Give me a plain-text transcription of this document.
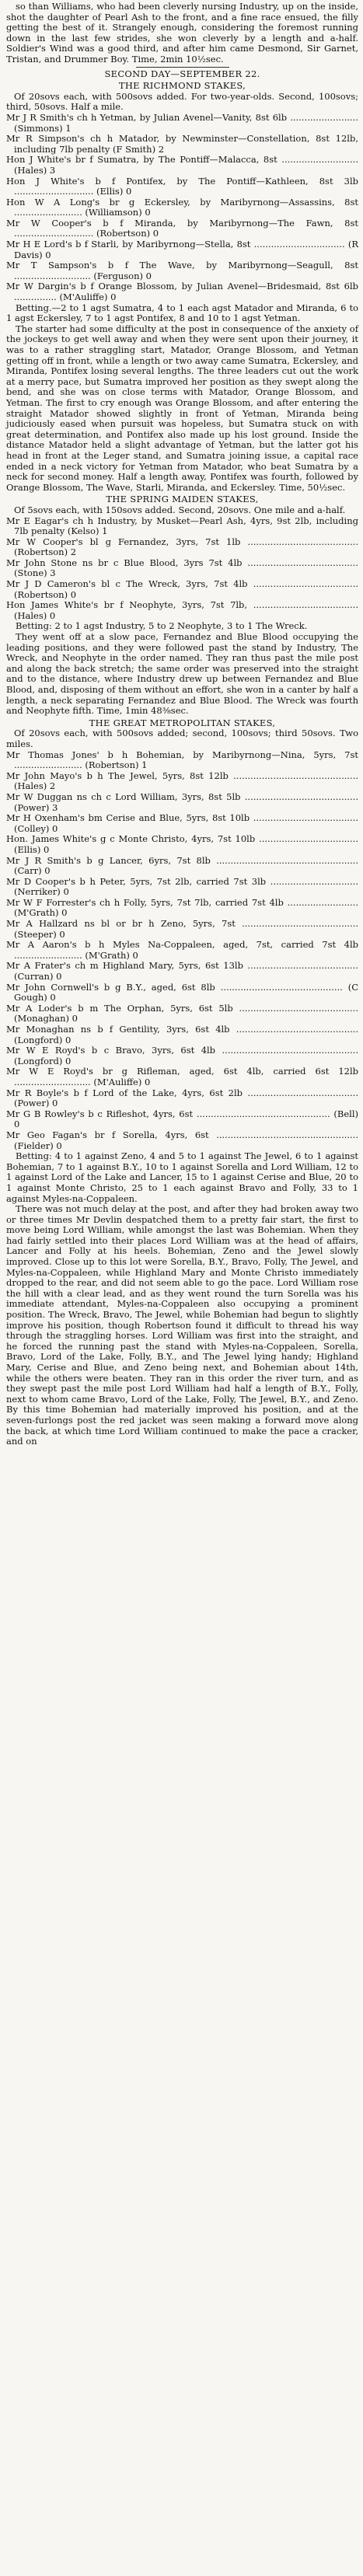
so than Williams, who had been cleverly nursing Industry, up on the inside, shot the daughter of Pearl Ash to the front, and a fine race ensued, the filly getting the best of it. Strangely enough, considering the foremost running down in the last few strides, she won cleverly by a length and a-half. Soldier's Wind was a good third, and after him came Desmond, Sir Garnet, Tristan, and Drummer Boy. Time, 2min 10½sec.

SECOND DAY—SEPTEMBER 22.

THE RICHMOND STAKES,

Of 20sovs each, with 500sovs added. For two-year-olds. Second, 100sovs; third, 50sovs. Half a mile.

Mr J R Smith's ch h Yetman, by Julian Avenel—Vanity, 8st 6lb ........................ (Simmons) 1
Mr R Simpson's ch h Matador, by Newminster—Constellation, 8st 12lb, including 7lb penalty (F Smith) 2
Hon J White's br f Sumatra, by The Pontiff—Malacca, 8st ........................... (Hales) 3
Hon J White's b f Pontifex, by The Pontiff—Kathleen, 8st 3lb ............................ (Ellis) 0
Hon W A Long's br g Eckersley, by Maribyrnong—Assassins, 8st ........................ (Williamson) 0
Mr W Cooper's b f Miranda, by Maribyrnong—The Fawn, 8st ............................ (Robertson) 0
Mr H E Lord's b f Starli, by Maribyrnong—Stella, 8st ................................ (R Davis) 0
Mr T Sampson's b f The Wave, by Maribyrnong—Seagull, 8st ........................... (Ferguson) 0
Mr W Dargin's b f Orange Blossom, by Julian Avenel—Bridesmaid, 8st 6lb ............... (M'Auliffe) 0

Betting.—2 to 1 agst Sumatra, 4 to 1 each agst Matador and Miranda, 6 to 1 agst Eckersley, 7 to 1 agst Pontifex, 8 and 10 to 1 agst Yetman.

The starter had some difficulty at the post in consequence of the anxiety of the jockeys to get well away and when they were sent upon their journey, it was to a rather straggling start, Matador, Orange Blossom, and Yetman getting off in front, while a length or two away came Sumatra, Eckersley, and Miranda, Pontifex losing several lengths. The three leaders cut out the work at a merry pace, but Sumatra improved her position as they swept along the bend, and she was on close terms with Matador, Orange Blossom, and Yetman. The first to cry enough was Orange Blossom, and after entering the straight Matador showed slightly in front of Yetman, Miranda being judiciously eased when pursuit was hopeless, but Sumatra stuck on with great determination, and Pontifex also made up his lost ground. Inside the distance Matador held a slight advantage of Yetman, but the latter got his head in front at the Leger stand, and Sumatra joining issue, a capital race ended in a neck victory for Yetman from Matador, who beat Sumatra by a neck for second money. Half a length away, Pontifex was fourth, followed by Orange Blossom, The Wave, Starli, Miranda, and Eckersley. Time, 50½sec.

THE SPRING MAIDEN STAKES,

Of 5sovs each, with 150sovs added. Second, 20sovs. One mile and a-half.

Mr E Eagar's ch h Industry, by Musket—Pearl Ash, 4yrs, 9st 2lb, including 7lb penalty (Kelso) 1
Mr W Cooper's bl g Fernandez, 3yrs, 7st 1lb ....................................... (Robertson) 2
Mr John Stone ns br c Blue Blood, 3yrs 7st 4lb ....................................... (Stone) 3
Mr J D Cameron's bl c The Wreck, 3yrs, 7st 4lb ..................................... (Robertson) 0
Hon James White's br f Neophyte, 3yrs, 7st 7lb, ..................................... (Hales) 0

Betting: 2 to 1 agst Industry, 5 to 2 Neophyte, 3 to 1 The Wreck.

They went off at a slow pace, Fernandez and Blue Blood occupying the leading positions, and they were followed past the stand by Industry, The Wreck, and Neophyte in the order named. They ran thus past the mile post and along the back stretch; the same order was preserved into the straight and to the distance, where Industry drew up between Fernandez and Blue Blood, and, disposing of them without an effort, she won in a canter by half a length, a neck separating Fernandez and Blue Blood. The Wreck was fourth and Neophyte fifth. Time, 1min 48⅜sec.

THE GREAT METROPOLITAN STAKES,

Of 20sovs each, with 500sovs added; second, 100sovs; third 50sovs. Two miles.

Mr Thomas Jones' b h Bohemian, by Maribyrnong—Nina, 5yrs, 7st ........................ (Robertson) 1
Mr John Mayo's b h The Jewel, 5yrs, 8st 12lb ............................................ (Hales) 2
Mr W Duggan ns ch c Lord William, 3yrs, 8st 5lb ........................................ (Power) 3
Mr H Oxenham's bm Cerise and Blue, 5yrs, 8st 10lb ..................................... (Colley) 0
Hon. James White's g c Monte Christo, 4yrs, 7st 10lb ................................... (Ellis) 0
Mr J R Smith's b g Lancer, 6yrs, 7st 8lb .................................................. (Carr) 0
Mr D Cooper's b h Peter, 5yrs, 7st 2lb, carried 7st 3lb ............................... (Nerriker) 0
Mr W F Forrester's ch h Folly, 5yrs, 7st 7lb, carried 7st 4lb ......................... (M'Grath) 0
Mr A Hallzard ns bl or br h Zeno, 5yrs, 7st ......................................... (Steeper) 0
Mr A Aaron's b h Myles Na-Coppaleen, aged, 7st, carried 7st 4lb ........................ (M'Grath) 0
Mr A Frater's ch m Highland Mary, 5yrs, 6st 13lb ....................................... (Curran) 0
Mr John Cornwell's b g B.Y., aged, 6st 8lb ........................................... (C Gough) 0
Mr A Loder's b m The Orphan, 5yrs, 6st 5lb .......................................... (Monaghan) 0
Mr Monaghan ns b f Gentility, 3yrs, 6st 4lb ........................................... (Longford) 0
Mr W E Royd's b c Bravo, 3yrs, 6st 4lb ................................................ (Longford) 0
Mr W E Royd's br g Rifleman, aged, 6st 4lb, carried 6st 12lb ........................... (M'Auliffe) 0
Mr R Boyle's b f Lord of the Lake, 4yrs, 6st 2lb ....................................... (Power) 0
Mr G B Rowley's b c Rifleshot, 4yrs, 6st ............................................... (Bell) 0
Mr Geo Fagan's br f Sorella, 4yrs, 6st .................................................. (Fielder) 0

Betting: 4 to 1 against Zeno, 4 and 5 to 1 against The Jewel, 6 to 1 against Bohemian, 7 to 1 against B.Y., 10 to 1 against Sorella and Lord William, 12 to 1 against Lord of the Lake and Lancer, 15 to 1 against Cerise and Blue, 20 to 1 against Monte Christo, 25 to 1 each against Bravo and Folly, 33 to 1 against Myles-na-Coppaleen.

There was not much delay at the post, and after they had broken away two or three times Mr Devlin despatched them to a pretty fair start, the first to move being Lord William, while amongst the last was Bohemian. When they had fairly settled into their places Lord William was at the head of affairs, Lancer and Folly at his heels. Bohemian, Zeno and the Jewel slowly improved. Close up to this lot were Sorella, B.Y., Bravo, Folly, The Jewel, and Myles-na-Coppaleen, while Highland Mary and Monte Christo immediately dropped to the rear, and did not seem able to go the pace. Lord William rose the hill with a clear lead, and as they went round the turn Sorella was his immediate attendant, Myles-na-Coppaleen also occupying a prominent position. The Wreck, Bravo, The Jewel, while Bohemian had begun to slightly improve his position, though Robertson found it difficult to thread his way through the straggling horses. Lord William was first into the straight, and he forced the running past the stand with Myles-na-Coppaleen, Sorella, Bravo, Lord of the Lake, Folly, B.Y., and The Jewel lying handy; Highland Mary, Cerise and Blue, and Zeno being next, and Bohemian about 14th, while the others were beaten. They ran in this order the river turn, and as they swept past the mile post Lord William had half a length of B.Y., Folly, next to whom came Bravo, Lord of the Lake, Folly, The Jewel, B.Y., and Zeno. By this time Bohemian had materially improved his position, and at the seven-furlongs post the red jacket was seen making a forward move along the back, at which time Lord William continued to make the pace a cracker, and on
